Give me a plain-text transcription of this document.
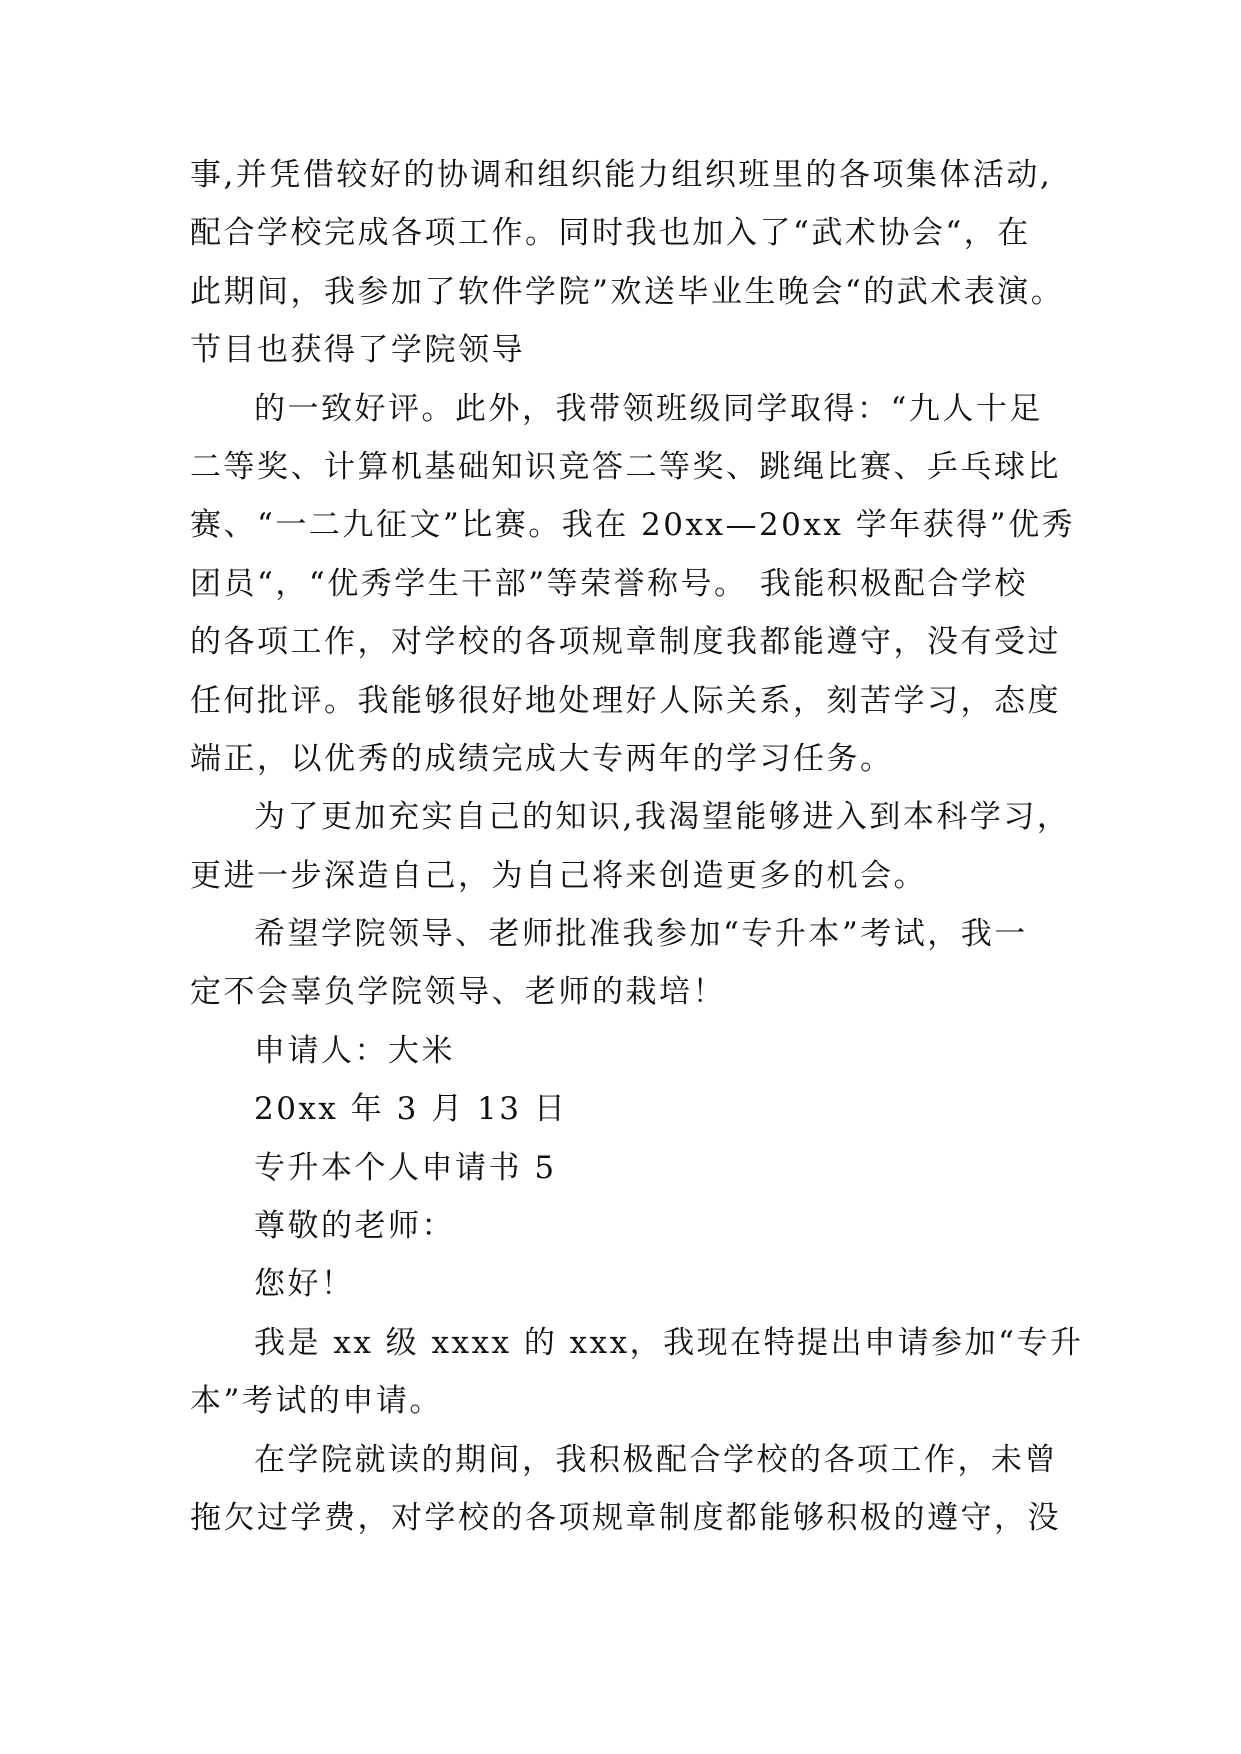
事,并凭借较好的协调和组织能力组织班里的各项集体活动,
配合学校完成各项工作。同时我也加入了“武术协会“，在
此期间，我参加了软件学院”欢送毕业生晚会“的武术表演。
节目也获得了学院领导
的一致好评。此外，我带领班级同学取得：“九人十足
二等奖、计算机基础知识竞答二等奖、跳绳比赛、乒乓球比
赛、“一二九征文”比赛。我在 20xx—20xx 学年获得”优秀
团员“，“优秀学生干部”等荣誉称号。 我能积极配合学校
的各项工作，对学校的各项规章制度我都能遵守，没有受过
任何批评。我能够很好地处理好人际关系，刻苦学习，态度
端正，以优秀的成绩完成大专两年的学习任务。
为了更加充实自己的知识,我渴望能够进入到本科学习，
更进一步深造自己，为自己将来创造更多的机会。
希望学院领导、老师批准我参加“专升本”考试，我一
定不会辜负学院领导、老师的栽培！
申请人：大米
20xx 年 3 月 13 日
专升本个人申请书 5
尊敬的老师：
您好！
我是 xx 级 xxxx 的 xxx，我现在特提出申请参加“专升
本”考试的申请。
在学院就读的期间，我积极配合学校的各项工作，未曾
拖欠过学费，对学校的各项规章制度都能够积极的遵守，没
